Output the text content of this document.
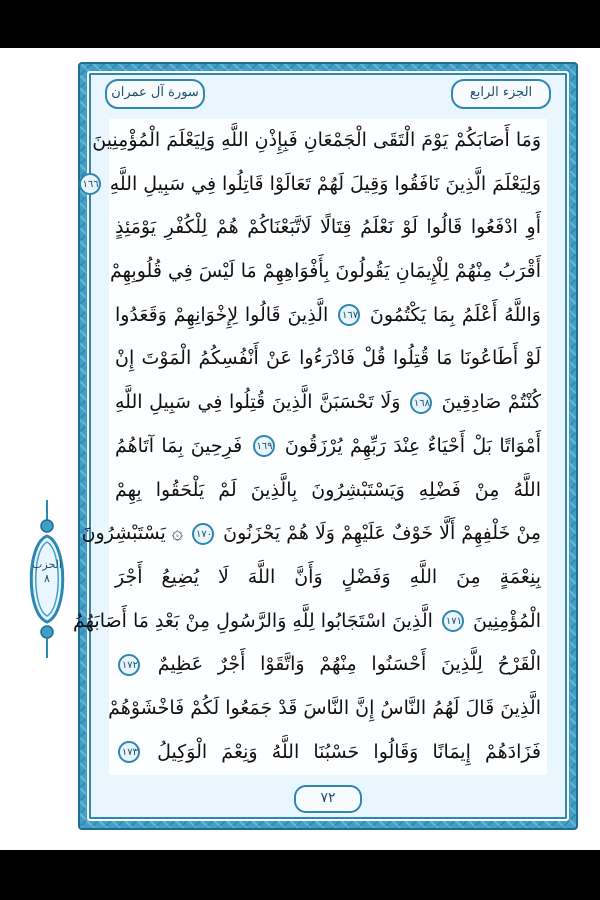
الحزب
٨
سورة آل عمران	الجزء الرابع
وَمَا أَصَابَكُمْ يَوْمَ الْتَقَى الْجَمْعَانِ فَبِإِذْنِ اللَّهِ وَلِيَعْلَمَ الْمُؤْمِنِينَ
وَلِيَعْلَمَ الَّذِينَ نَافَقُوا وَقِيلَ لَهُمْ تَعَالَوْا قَاتِلُوا فِي سَبِيلِ اللَّهِ ١٦٦
أَوِ ادْفَعُوا قَالُوا لَوْ نَعْلَمُ قِتَالًا لَاتَّبَعْنَاكُمْ هُمْ لِلْكُفْرِ يَوْمَئِذٍ
أَقْرَبُ مِنْهُمْ لِلْإِيمَانِ يَقُولُونَ بِأَفْوَاهِهِمْ مَا لَيْسَ فِي قُلُوبِهِمْ
وَاللَّهُ أَعْلَمُ بِمَا يَكْتُمُونَ ١٦٧ الَّذِينَ قَالُوا لِإِخْوَانِهِمْ وَقَعَدُوا
لَوْ أَطَاعُونَا مَا قُتِلُوا قُلْ فَادْرَءُوا عَنْ أَنْفُسِكُمُ الْمَوْتَ إِنْ
كُنْتُمْ صَادِقِينَ ١٦٨ وَلَا تَحْسَبَنَّ الَّذِينَ قُتِلُوا فِي سَبِيلِ اللَّهِ
أَمْوَاتًا بَلْ أَحْيَاءٌ عِنْدَ رَبِّهِمْ يُرْزَقُونَ ١٦٩ فَرِحِينَ بِمَا آتَاهُمُ
اللَّهُ مِنْ فَضْلِهِ وَيَسْتَبْشِرُونَ بِالَّذِينَ لَمْ يَلْحَقُوا بِهِمْ
مِنْ خَلْفِهِمْ أَلَّا خَوْفٌ عَلَيْهِمْ وَلَا هُمْ يَحْزَنُونَ ١٧٠ ۞ يَسْتَبْشِرُونَ
بِنِعْمَةٍ مِنَ اللَّهِ وَفَضْلٍ وَأَنَّ اللَّهَ لَا يُضِيعُ أَجْرَ
الْمُؤْمِنِينَ ١٧١ الَّذِينَ اسْتَجَابُوا لِلَّهِ وَالرَّسُولِ مِنْ بَعْدِ مَا أَصَابَهُمُ
الْقَرْحُ لِلَّذِينَ أَحْسَنُوا مِنْهُمْ وَاتَّقَوْا أَجْرٌ عَظِيمٌ ١٧٢
الَّذِينَ قَالَ لَهُمُ النَّاسُ إِنَّ النَّاسَ قَدْ جَمَعُوا لَكُمْ فَاخْشَوْهُمْ
فَزَادَهُمْ إِيمَانًا وَقَالُوا حَسْبُنَا اللَّهُ وَنِعْمَ الْوَكِيلُ ١٧٣
٧٢
